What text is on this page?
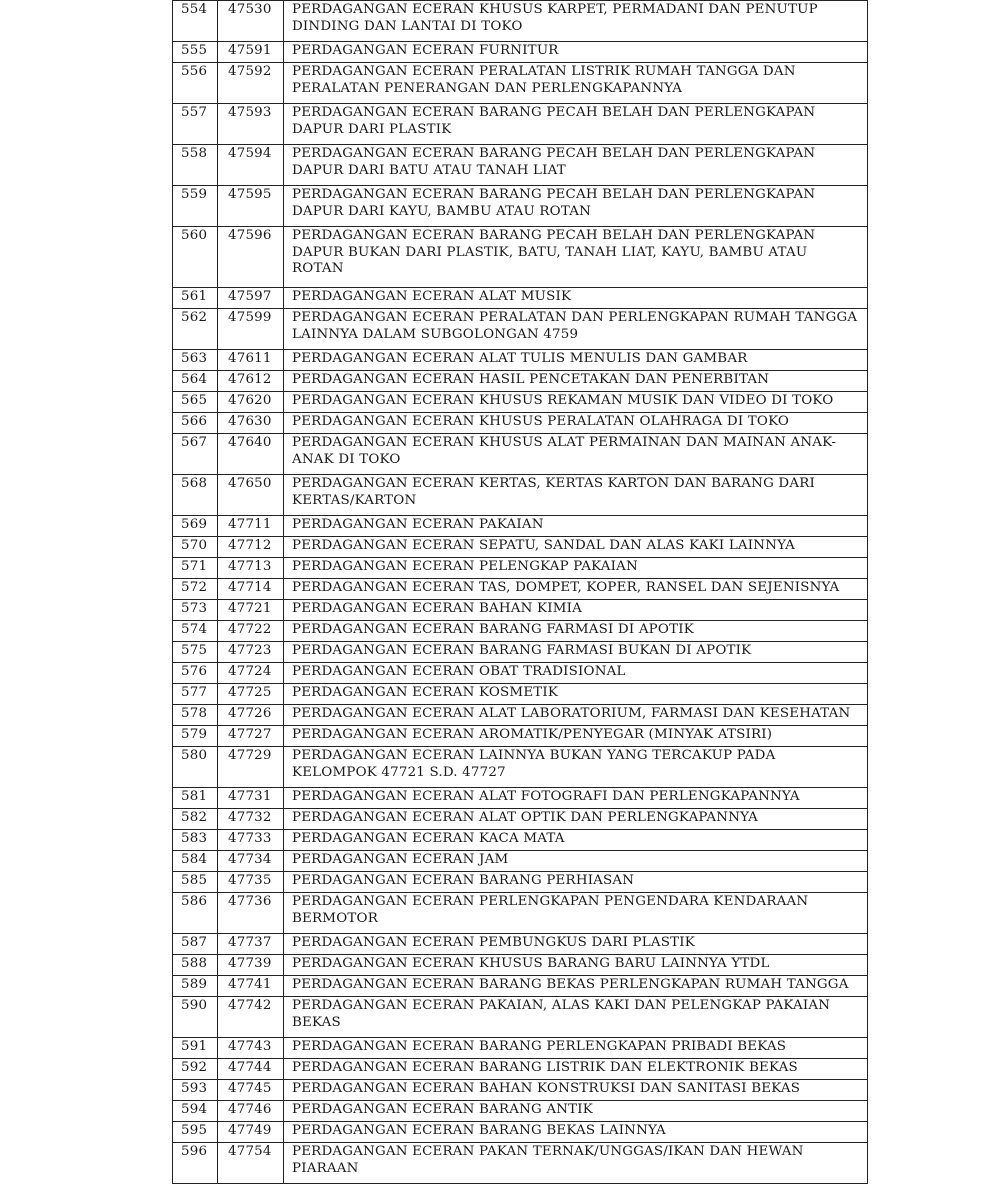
554	47530	PERDAGANGAN ECERAN KHUSUS KARPET, PERMADANI DAN PENUTUP DINDING DAN LANTAI DI TOKO
555	47591	PERDAGANGAN ECERAN FURNITUR
556	47592	PERDAGANGAN ECERAN PERALATAN LISTRIK RUMAH TANGGA DAN PERALATAN PENERANGAN DAN PERLENGKAPANNYA
557	47593	PERDAGANGAN ECERAN BARANG PECAH BELAH DAN PERLENGKAPAN DAPUR DARI PLASTIK
558	47594	PERDAGANGAN ECERAN BARANG PECAH BELAH DAN PERLENGKAPAN DAPUR DARI BATU ATAU TANAH LIAT
559	47595	PERDAGANGAN ECERAN BARANG PECAH BELAH DAN PERLENGKAPAN DAPUR DARI KAYU, BAMBU ATAU ROTAN
560	47596	PERDAGANGAN ECERAN BARANG PECAH BELAH DAN PERLENGKAPAN DAPUR BUKAN DARI PLASTIK, BATU, TANAH LIAT, KAYU, BAMBU ATAU ROTAN
561	47597	PERDAGANGAN ECERAN ALAT MUSIK
562	47599	PERDAGANGAN ECERAN PERALATAN DAN PERLENGKAPAN RUMAH TANGGA LAINNYA DALAM SUBGOLONGAN 4759
563	47611	PERDAGANGAN ECERAN ALAT TULIS MENULIS DAN GAMBAR
564	47612	PERDAGANGAN ECERAN HASIL PENCETAKAN DAN PENERBITAN
565	47620	PERDAGANGAN ECERAN KHUSUS REKAMAN MUSIK DAN VIDEO DI TOKO
566	47630	PERDAGANGAN ECERAN KHUSUS PERALATAN OLAHRAGA DI TOKO
567	47640	PERDAGANGAN ECERAN KHUSUS ALAT PERMAINAN DAN MAINAN ANAK-ANAK DI TOKO
568	47650	PERDAGANGAN ECERAN KERTAS, KERTAS KARTON DAN BARANG DARI KERTAS/KARTON
569	47711	PERDAGANGAN ECERAN PAKAIAN
570	47712	PERDAGANGAN ECERAN SEPATU, SANDAL DAN ALAS KAKI LAINNYA
571	47713	PERDAGANGAN ECERAN PELENGKAP PAKAIAN
572	47714	PERDAGANGAN ECERAN TAS, DOMPET, KOPER, RANSEL DAN SEJENISNYA
573	47721	PERDAGANGAN ECERAN BAHAN KIMIA
574	47722	PERDAGANGAN ECERAN BARANG FARMASI DI APOTIK
575	47723	PERDAGANGAN ECERAN BARANG FARMASI BUKAN DI APOTIK
576	47724	PERDAGANGAN ECERAN OBAT TRADISIONAL
577	47725	PERDAGANGAN ECERAN KOSMETIK
578	47726	PERDAGANGAN ECERAN ALAT LABORATORIUM, FARMASI DAN KESEHATAN
579	47727	PERDAGANGAN ECERAN AROMATIK/PENYEGAR (MINYAK ATSIRI)
580	47729	PERDAGANGAN ECERAN LAINNYA BUKAN YANG TERCAKUP PADA KELOMPOK 47721 S.D. 47727
581	47731	PERDAGANGAN ECERAN ALAT FOTOGRAFI DAN PERLENGKAPANNYA
582	47732	PERDAGANGAN ECERAN ALAT OPTIK DAN PERLENGKAPANNYA
583	47733	PERDAGANGAN ECERAN KACA MATA
584	47734	PERDAGANGAN ECERAN JAM
585	47735	PERDAGANGAN ECERAN BARANG PERHIASAN
586	47736	PERDAGANGAN ECERAN PERLENGKAPAN PENGENDARA KENDARAAN BERMOTOR
587	47737	PERDAGANGAN ECERAN PEMBUNGKUS DARI PLASTIK
588	47739	PERDAGANGAN ECERAN KHUSUS BARANG BARU LAINNYA YTDL
589	47741	PERDAGANGAN ECERAN BARANG BEKAS PERLENGKAPAN RUMAH TANGGA
590	47742	PERDAGANGAN ECERAN PAKAIAN, ALAS KAKI DAN PELENGKAP PAKAIAN BEKAS
591	47743	PERDAGANGAN ECERAN BARANG PERLENGKAPAN PRIBADI BEKAS
592	47744	PERDAGANGAN ECERAN BARANG LISTRIK DAN ELEKTRONIK BEKAS
593	47745	PERDAGANGAN ECERAN BAHAN KONSTRUKSI DAN SANITASI BEKAS
594	47746	PERDAGANGAN ECERAN BARANG ANTIK
595	47749	PERDAGANGAN ECERAN BARANG BEKAS LAINNYA
596	47754	PERDAGANGAN ECERAN PAKAN TERNAK/UNGGAS/IKAN DAN HEWAN PIARAAN
